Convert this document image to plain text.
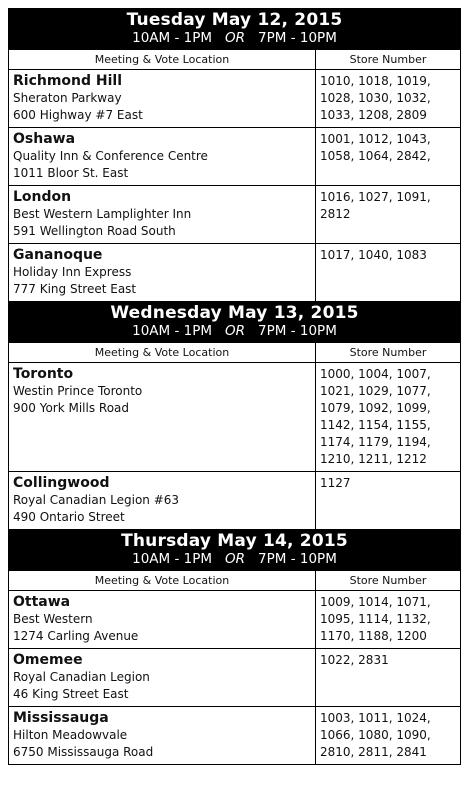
Tuesday May 12, 2015
10AM - 1PM OR 7PM - 10PM	

Meeting & Vote Location	Store Number

Richmond Hill
Sheraton Parkway
600 Highway #7 East	1010, 1018, 1019, 1028, 1030, 1032, 1033, 1208, 2809

Oshawa
Quality Inn & Conference Centre
1011 Bloor St. East	1001, 1012, 1043, 1058, 1064, 2842,

London
Best Western Lamplighter Inn
591 Wellington Road South	1016, 1027, 1091, 2812

Gananoque
Holiday Inn Express
777 King Street East	1017, 1040, 1083

Wednesday May 13, 2015
10AM - 1PM OR 7PM - 10PM	

Meeting & Vote Location	Store Number

Toronto
Westin Prince Toronto
900 York Mills Road	1000, 1004, 1007, 1021, 1029, 1077, 1079, 1092, 1099, 1142, 1154, 1155, 1174, 1179, 1194, 1210, 1211, 1212

Collingwood
Royal Canadian Legion #63
490 Ontario Street	1127

Thursday May 14, 2015
10AM - 1PM OR 7PM - 10PM	

Meeting & Vote Location	Store Number

Ottawa
Best Western
1274 Carling Avenue	1009, 1014, 1071, 1095, 1114, 1132, 1170, 1188, 1200

Omemee
Royal Canadian Legion
46 King Street East	1022, 2831

Mississauga
Hilton Meadowvale
6750 Mississauga Road	1003, 1011, 1024, 1066, 1080, 1090, 2810, 2811, 2841
